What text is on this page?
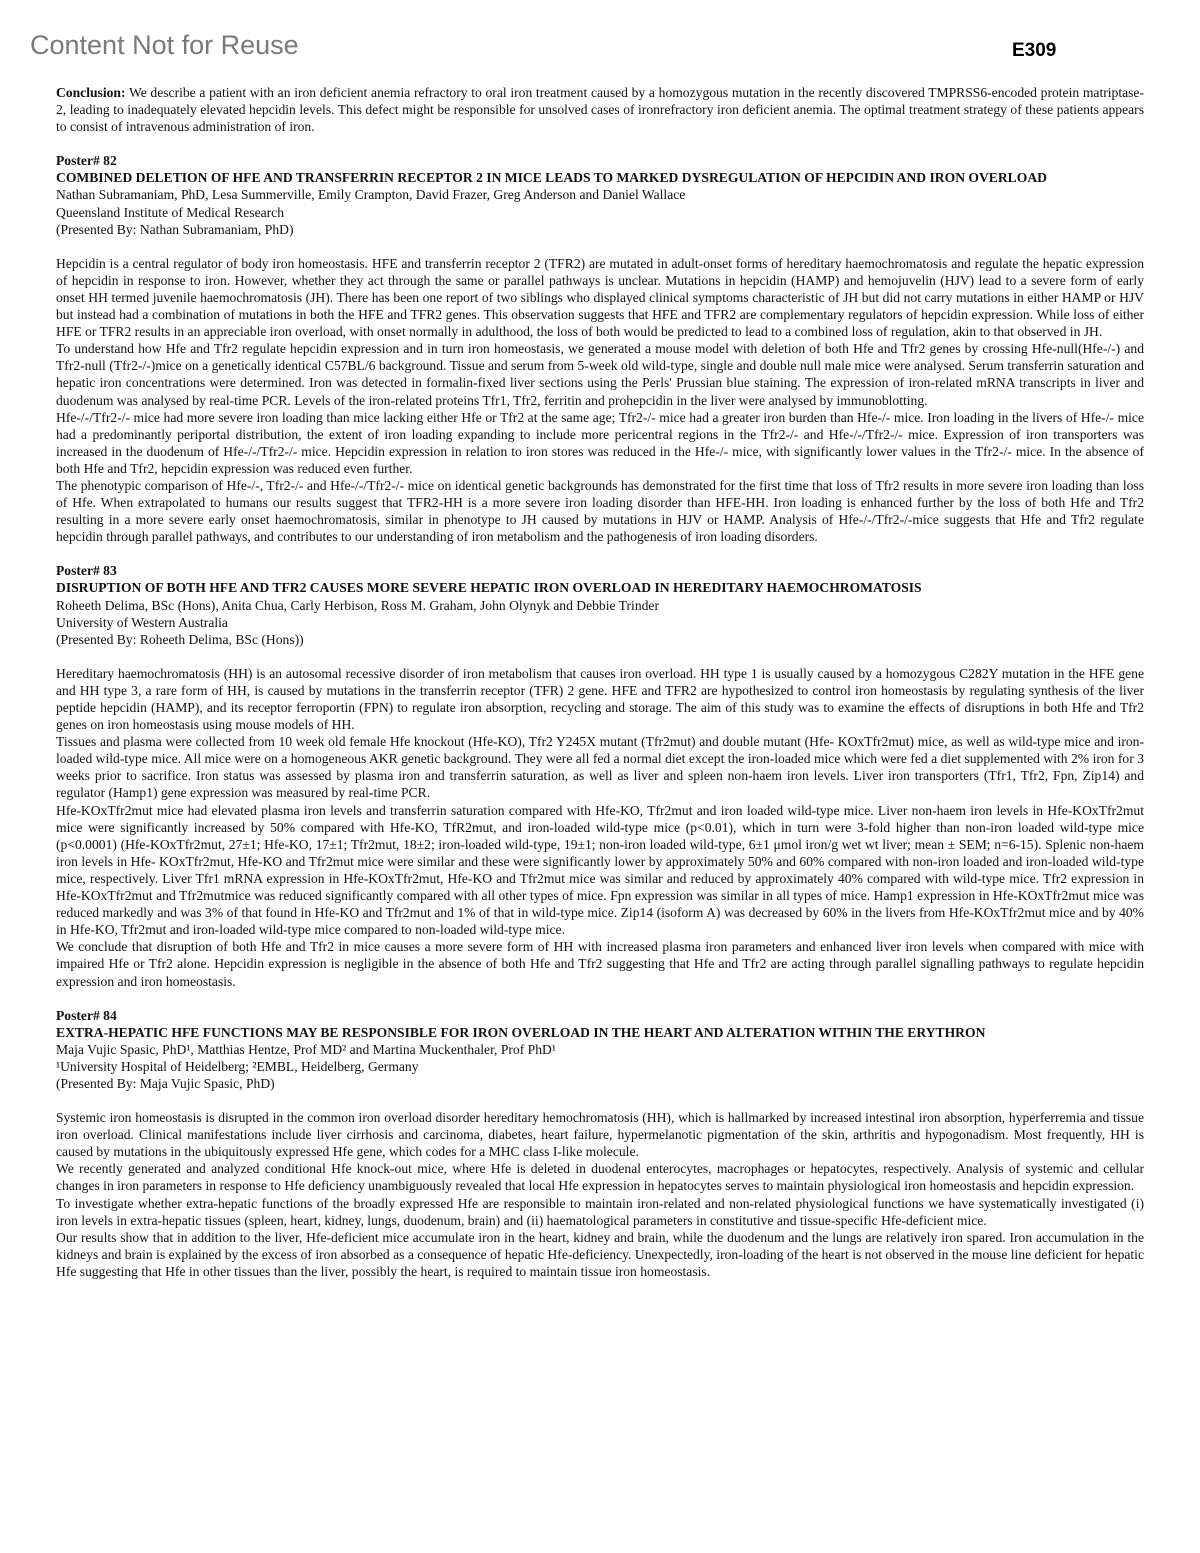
Content Not for Reuse	E309

Conclusion: We describe a patient with an iron deficient anemia refractory to oral iron treatment caused by a homozygous mutation in the recently discovered TMPRSS6-encoded protein matriptase-2, leading to inadequately elevated hepcidin levels. This defect might be responsible for unsolved cases of ironrefractory iron deficient anemia. The optimal treatment strategy of these patients appears to consist of intravenous administration of iron.

Poster# 82

COMBINED DELETION OF HFE AND TRANSFERRIN RECEPTOR 2 IN MICE LEADS TO MARKED DYSREGULATION OF HEPCIDIN AND IRON OVERLOAD

Nathan Subramaniam, PhD, Lesa Summerville, Emily Crampton, David Frazer, Greg Anderson and Daniel Wallace

Queensland Institute of Medical Research

(Presented By: Nathan Subramaniam, PhD)

Hepcidin is a central regulator of body iron homeostasis. HFE and transferrin receptor 2 (TFR2) are mutated in adult-onset forms of hereditary haemochromatosis and regulate the hepatic expression of hepcidin in response to iron. However, whether they act through the same or parallel pathways is unclear. Mutations in hepcidin (HAMP) and hemojuvelin (HJV) lead to a severe form of early onset HH termed juvenile haemochromatosis (JH). There has been one report of two siblings who displayed clinical symptoms characteristic of JH but did not carry mutations in either HAMP or HJV but instead had a combination of mutations in both the HFE and TFR2 genes. This observation suggests that HFE and TFR2 are complementary regulators of hepcidin expression. While loss of either HFE or TFR2 results in an appreciable iron overload, with onset normally in adulthood, the loss of both would be predicted to lead to a combined loss of regulation, akin to that observed in JH.

To understand how Hfe and Tfr2 regulate hepcidin expression and in turn iron homeostasis, we generated a mouse model with deletion of both Hfe and Tfr2 genes by crossing Hfe-null(Hfe-/-) and Tfr2-null (Tfr2-/-)mice on a genetically identical C57BL/6 background. Tissue and serum from 5-week old wild-type, single and double null male mice were analysed. Serum transferrin saturation and hepatic iron concentrations were determined. Iron was detected in formalin-fixed liver sections using the Perls' Prussian blue staining. The expression of iron-related mRNA transcripts in liver and duodenum was analysed by real-time PCR. Levels of the iron-related proteins Tfr1, Tfr2, ferritin and prohepcidin in the liver were analysed by immunoblotting.

Hfe-/-/Tfr2-/- mice had more severe iron loading than mice lacking either Hfe or Tfr2 at the same age; Tfr2-/- mice had a greater iron burden than Hfe-/- mice. Iron loading in the livers of Hfe-/- mice had a predominantly periportal distribution, the extent of iron loading expanding to include more pericentral regions in the Tfr2-/- and Hfe-/-/Tfr2-/- mice. Expression of iron transporters was increased in the duodenum of Hfe-/-/Tfr2-/- mice. Hepcidin expression in relation to iron stores was reduced in the Hfe-/- mice, with significantly lower values in the Tfr2-/- mice. In the absence of both Hfe and Tfr2, hepcidin expression was reduced even further.

The phenotypic comparison of Hfe-/-, Tfr2-/- and Hfe-/-/Tfr2-/- mice on identical genetic backgrounds has demonstrated for the first time that loss of Tfr2 results in more severe iron loading than loss of Hfe. When extrapolated to humans our results suggest that TFR2-HH is a more severe iron loading disorder than HFE-HH. Iron loading is enhanced further by the loss of both Hfe and Tfr2 resulting in a more severe early onset haemochromatosis, similar in phenotype to JH caused by mutations in HJV or HAMP. Analysis of Hfe-/-/Tfr2-/-mice suggests that Hfe and Tfr2 regulate hepcidin through parallel pathways, and contributes to our understanding of iron metabolism and the pathogenesis of iron loading disorders.

Poster# 83

DISRUPTION OF BOTH HFE AND TFR2 CAUSES MORE SEVERE HEPATIC IRON OVERLOAD IN HEREDITARY HAEMOCHROMATOSIS

Roheeth Delima, BSc (Hons), Anita Chua, Carly Herbison, Ross M. Graham, John Olynyk and Debbie Trinder

University of Western Australia

(Presented By: Roheeth Delima, BSc (Hons))

Hereditary haemochromatosis (HH) is an autosomal recessive disorder of iron metabolism that causes iron overload. HH type 1 is usually caused by a homozygous C282Y mutation in the HFE gene and HH type 3, a rare form of HH, is caused by mutations in the transferrin receptor (TFR) 2 gene. HFE and TFR2 are hypothesized to control iron homeostasis by regulating synthesis of the liver peptide hepcidin (HAMP), and its receptor ferroportin (FPN) to regulate iron absorption, recycling and storage. The aim of this study was to examine the effects of disruptions in both Hfe and Tfr2 genes on iron homeostasis using mouse models of HH.

Tissues and plasma were collected from 10 week old female Hfe knockout (Hfe-KO), Tfr2 Y245X mutant (Tfr2mut) and double mutant (Hfe- KOxTfr2mut) mice, as well as wild-type mice and iron-loaded wild-type mice. All mice were on a homogeneous AKR genetic background. They were all fed a normal diet except the iron-loaded mice which were fed a diet supplemented with 2% iron for 3 weeks prior to sacrifice. Iron status was assessed by plasma iron and transferrin saturation, as well as liver and spleen non-haem iron levels. Liver iron transporters (Tfr1, Tfr2, Fpn, Zip14) and regulator (Hamp1) gene expression was measured by real-time PCR.

Hfe-KOxTfr2mut mice had elevated plasma iron levels and transferrin saturation compared with Hfe-KO, Tfr2mut and iron loaded wild-type mice. Liver non-haem iron levels in Hfe-KOxTfr2mut mice were significantly increased by 50% compared with Hfe-KO, TfR2mut, and iron-loaded wild-type mice (p<0.01), which in turn were 3-fold higher than non-iron loaded wild-type mice (p<0.0001) (Hfe-KOxTfr2mut, 27±1; Hfe-KO, 17±1; Tfr2mut, 18±2; iron-loaded wild-type, 19±1; non-iron loaded wild-type, 6±1 μmol iron/g wet wt liver; mean ± SEM; n=6-15). Splenic non-haem iron levels in Hfe- KOxTfr2mut, Hfe-KO and Tfr2mut mice were similar and these were significantly lower by approximately 50% and 60% compared with non-iron loaded and iron-loaded wild-type mice, respectively. Liver Tfr1 mRNA expression in Hfe-KOxTfr2mut, Hfe-KO and Tfr2mut mice was similar and reduced by approximately 40% compared with wild-type mice. Tfr2 expression in Hfe-KOxTfr2mut and Tfr2mutmice was reduced significantly compared with all other types of mice. Fpn expression was similar in all types of mice. Hamp1 expression in Hfe-KOxTfr2mut mice was reduced markedly and was 3% of that found in Hfe-KO and Tfr2mut and 1% of that in wild-type mice. Zip14 (isoform A) was decreased by 60% in the livers from Hfe-KOxTfr2mut mice and by 40% in Hfe-KO, Tfr2mut and iron-loaded wild-type mice compared to non-loaded wild-type mice.

We conclude that disruption of both Hfe and Tfr2 in mice causes a more severe form of HH with increased plasma iron parameters and enhanced liver iron levels when compared with mice with impaired Hfe or Tfr2 alone. Hepcidin expression is negligible in the absence of both Hfe and Tfr2 suggesting that Hfe and Tfr2 are acting through parallel signalling pathways to regulate hepcidin expression and iron homeostasis.

Poster# 84

EXTRA-HEPATIC HFE FUNCTIONS MAY BE RESPONSIBLE FOR IRON OVERLOAD IN THE HEART AND ALTERATION WITHIN THE ERYTHRON

Maja Vujic Spasic, PhD¹, Matthias Hentze, Prof MD² and Martina Muckenthaler, Prof PhD¹

¹University Hospital of Heidelberg; ²EMBL, Heidelberg, Germany

(Presented By: Maja Vujic Spasic, PhD)

Systemic iron homeostasis is disrupted in the common iron overload disorder hereditary hemochromatosis (HH), which is hallmarked by increased intestinal iron absorption, hyperferremia and tissue iron overload. Clinical manifestations include liver cirrhosis and carcinoma, diabetes, heart failure, hypermelanotic pigmentation of the skin, arthritis and hypogonadism. Most frequently, HH is caused by mutations in the ubiquitously expressed Hfe gene, which codes for a MHC class I-like molecule.

We recently generated and analyzed conditional Hfe knock-out mice, where Hfe is deleted in duodenal enterocytes, macrophages or hepatocytes, respectively. Analysis of systemic and cellular changes in iron parameters in response to Hfe deficiency unambiguously revealed that local Hfe expression in hepatocytes serves to maintain physiological iron homeostasis and hepcidin expression.

To investigate whether extra-hepatic functions of the broadly expressed Hfe are responsible to maintain iron-related and non-related physiological functions we have systematically investigated (i) iron levels in extra-hepatic tissues (spleen, heart, kidney, lungs, duodenum, brain) and (ii) haematological parameters in constitutive and tissue-specific Hfe-deficient mice.

Our results show that in addition to the liver, Hfe-deficient mice accumulate iron in the heart, kidney and brain, while the duodenum and the lungs are relatively iron spared. Iron accumulation in the kidneys and brain is explained by the excess of iron absorbed as a consequence of hepatic Hfe-deficiency. Unexpectedly, iron-loading of the heart is not observed in the mouse line deficient for hepatic Hfe suggesting that Hfe in other tissues than the liver, possibly the heart, is required to maintain tissue iron homeostasis.
